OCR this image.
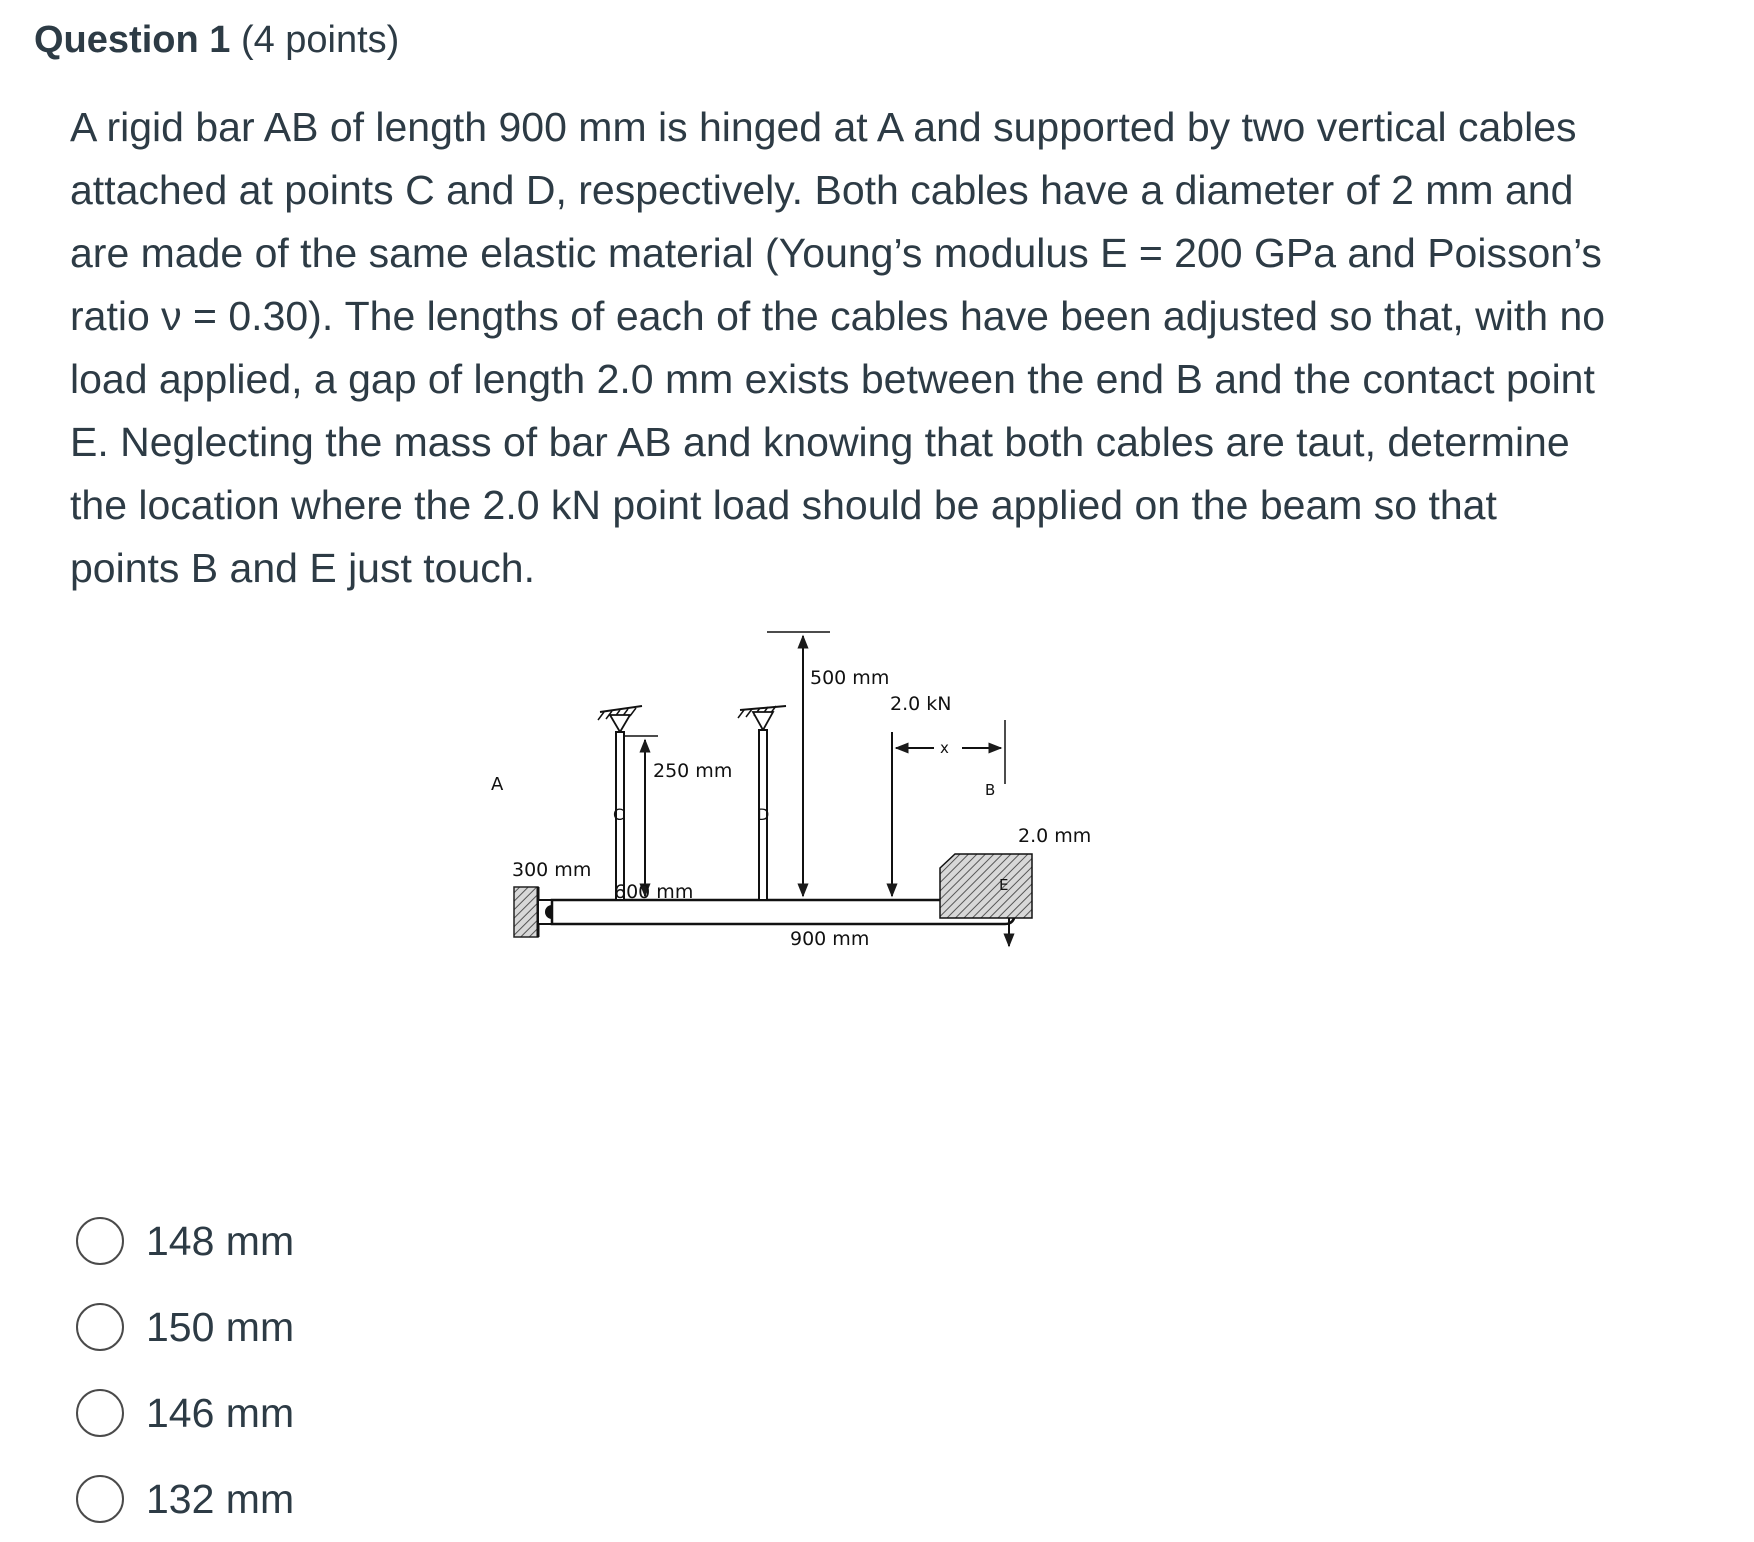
Question 1 (4 points)

A rigid bar AB of length 900 mm is hinged at A and supported by two vertical cables
attached at points C and D, respectively. Both cables have a diameter of 2 mm and
are made of the same elastic material (Young’s modulus E = 200 GPa and Poisson’s
ratio ν = 0.30). The lengths of each of the cables have been adjusted so that, with no
load applied, a gap of length 2.0 mm exists between the end B and the contact point
E. Neglecting the mass of bar AB and knowing that both cables are taut, determine
the location where the 2.0 kN point load should be applied on the beam so that
points B and E just touch.

A
C	D
B
E
x
500 mm
250 mm
2.0 kN
2.0 mm
300 mm
600 mm
900 mm
148 mm
150 mm
146 mm
132 mm
